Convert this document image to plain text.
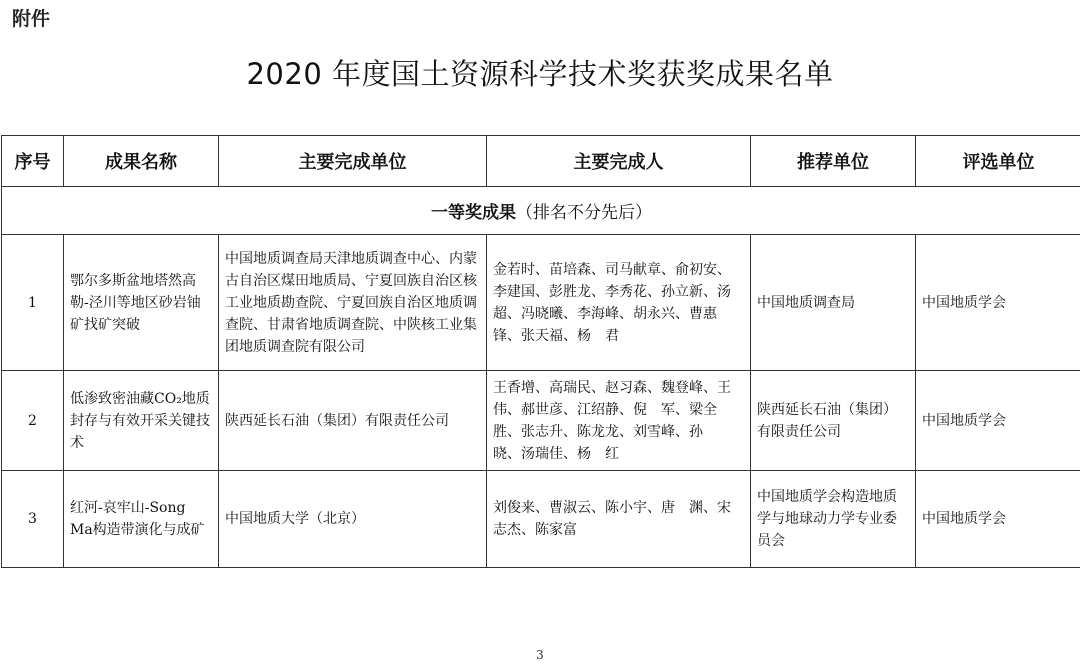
附件
2020 年度国土资源科学技术奖获奖成果名单
序号	成果名称	主要完成单位	主要完成人	推荐单位	评选单位
一等奖成果（排名不分先后）					
1	鄂尔多斯盆地塔然高勒-泾川等地区砂岩铀矿找矿突破	中国地质调查局天津地质调查中心、内蒙古自治区煤田地质局、宁夏回族自治区核工业地质勘查院、宁夏回族自治区地质调查院、甘肃省地质调查院、中陕核工业集团地质调查院有限公司	金若时、苗培森、司马献章、俞初安、李建国、彭胜龙、李秀花、孙立新、汤　超、冯晓曦、李海峰、胡永兴、曹惠锋、张天福、杨　君	中国地质调查局	中国地质学会
2	低渗致密油藏CO₂地质封存与有效开采关键技术	陕西延长石油（集团）有限责任公司	王香增、高瑞民、赵习森、魏登峰、王　伟、郝世彦、江绍静、倪　军、梁全胜、张志升、陈龙龙、刘雪峰、孙　晓、汤瑞佳、杨　红	陕西延长石油（集团）有限责任公司	中国地质学会
3	红河-哀牢山-Song Ma构造带演化与成矿	中国地质大学（北京）	刘俊来、曹淑云、陈小宇、唐　渊、宋志杰、陈家富	中国地质学会构造地质学与地球动力学专业委员会	中国地质学会
3
